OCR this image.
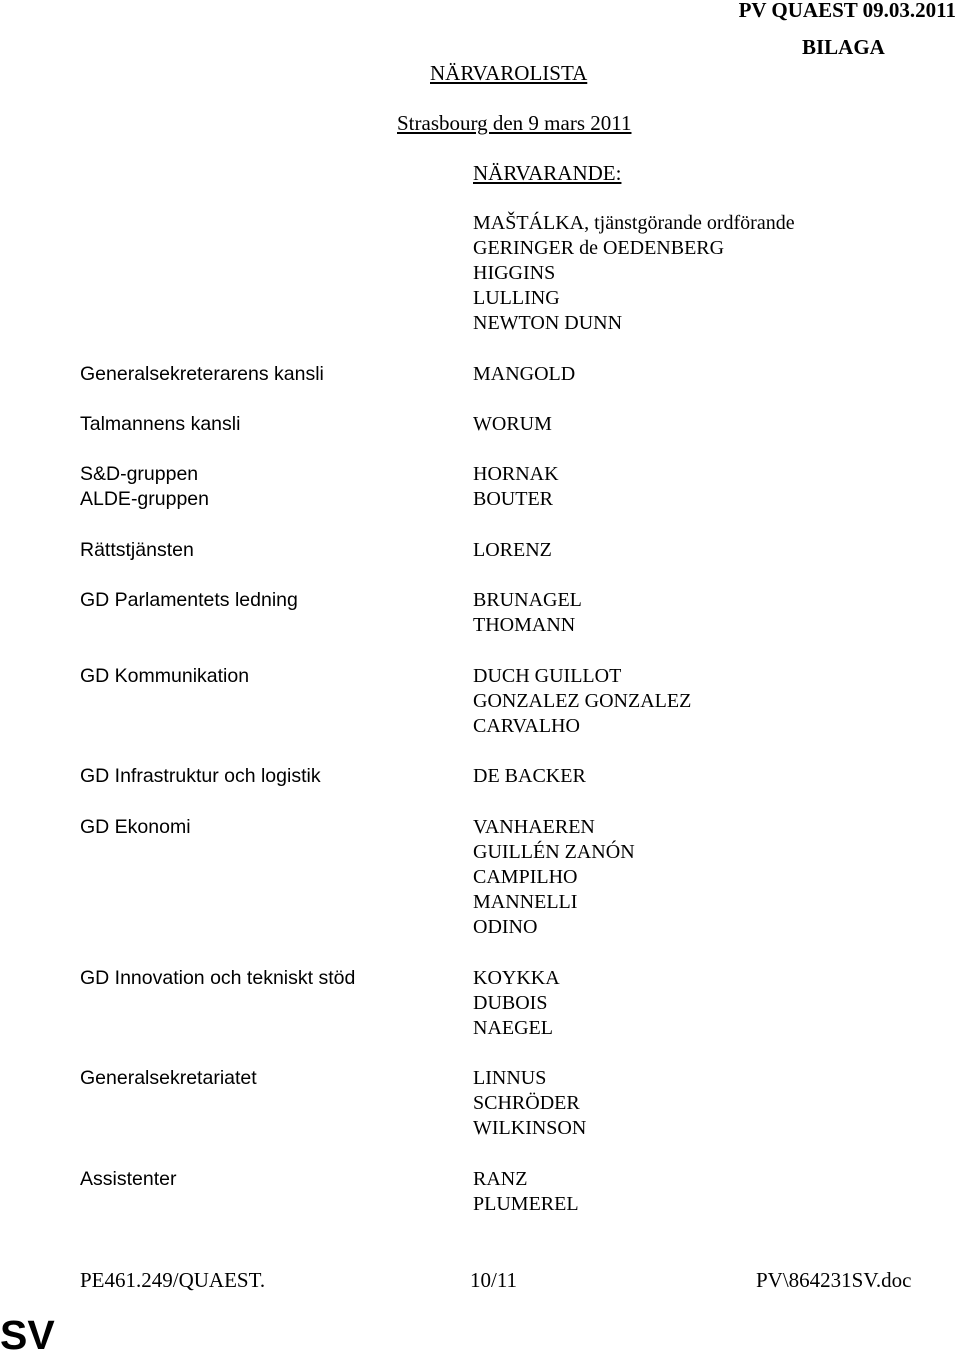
PV QUAEST 09.03.2011
BILAGA
NÄRVAROLISTA
Strasbourg den 9 mars 2011
NÄRVARANDE:
MAŠTÁLKA, tjänstgörande ordförande
GERINGER de OEDENBERG
HIGGINS
LULLING
NEWTON DUNN
Generalsekreterarens kansli	MANGOLD
Talmannens kansli	WORUM
S&D-gruppen	HORNAK
ALDE-gruppen	BOUTER
Rättstjänsten	LORENZ
GD Parlamentets ledning	BRUNAGEL
THOMANN
GD Kommunikation	DUCH GUILLOT
GONZALEZ GONZALEZ
CARVALHO
GD Infrastruktur och logistik	DE BACKER
GD Ekonomi	VANHAEREN
GUILLÉN ZANÓN
CAMPILHO
MANNELLI
ODINO
GD Innovation och tekniskt stöd	KOYKKA
DUBOIS
NAEGEL
Generalsekretariatet	LINNUS
SCHRÖDER
WILKINSON
Assistenter	RANZ
PLUMEREL
PE461.249/QUAEST.	10/11	PV\864231SV.doc
SV
